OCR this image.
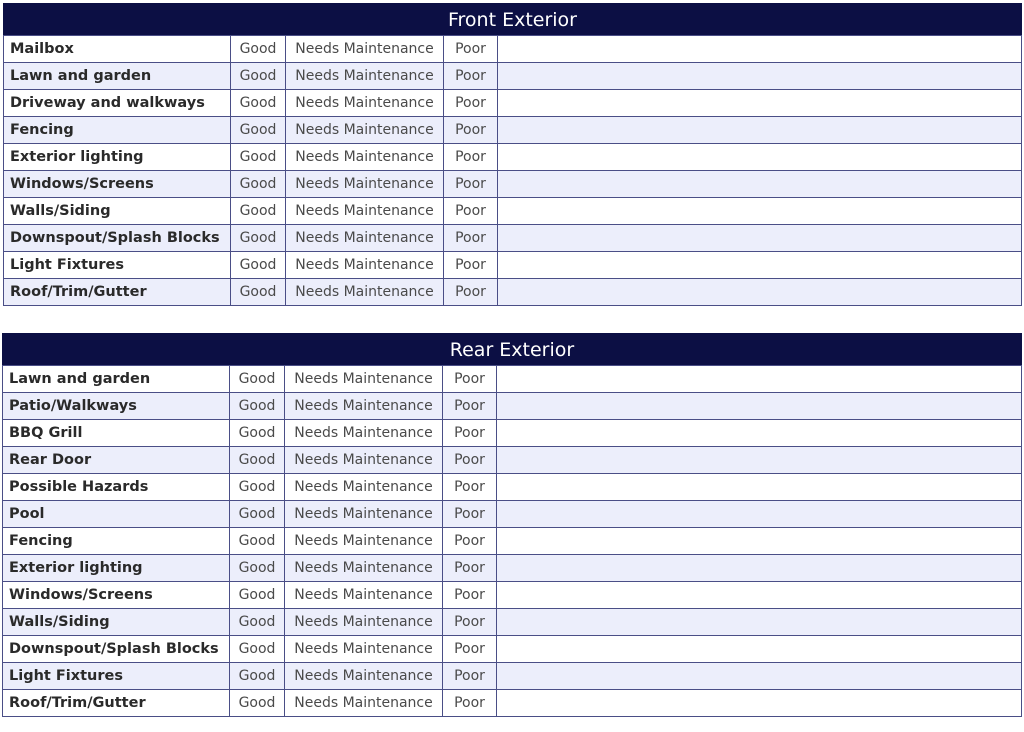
Front Exterior
Mailbox	Good	Needs Maintenance	Poor	
Lawn and garden	Good	Needs Maintenance	Poor	
Driveway and walkways	Good	Needs Maintenance	Poor	
Fencing	Good	Needs Maintenance	Poor	
Exterior lighting	Good	Needs Maintenance	Poor	
Windows/Screens	Good	Needs Maintenance	Poor	
Walls/Siding	Good	Needs Maintenance	Poor	
Downspout/Splash Blocks	Good	Needs Maintenance	Poor	
Light Fixtures	Good	Needs Maintenance	Poor	
Roof/Trim/Gutter	Good	Needs Maintenance	Poor	
Rear Exterior
Lawn and garden	Good	Needs Maintenance	Poor	
Patio/Walkways	Good	Needs Maintenance	Poor	
BBQ Grill	Good	Needs Maintenance	Poor	
Rear Door	Good	Needs Maintenance	Poor	
Possible Hazards	Good	Needs Maintenance	Poor	
Pool	Good	Needs Maintenance	Poor	
Fencing	Good	Needs Maintenance	Poor	
Exterior lighting	Good	Needs Maintenance	Poor	
Windows/Screens	Good	Needs Maintenance	Poor	
Walls/Siding	Good	Needs Maintenance	Poor	
Downspout/Splash Blocks	Good	Needs Maintenance	Poor	
Light Fixtures	Good	Needs Maintenance	Poor	
Roof/Trim/Gutter	Good	Needs Maintenance	Poor	
